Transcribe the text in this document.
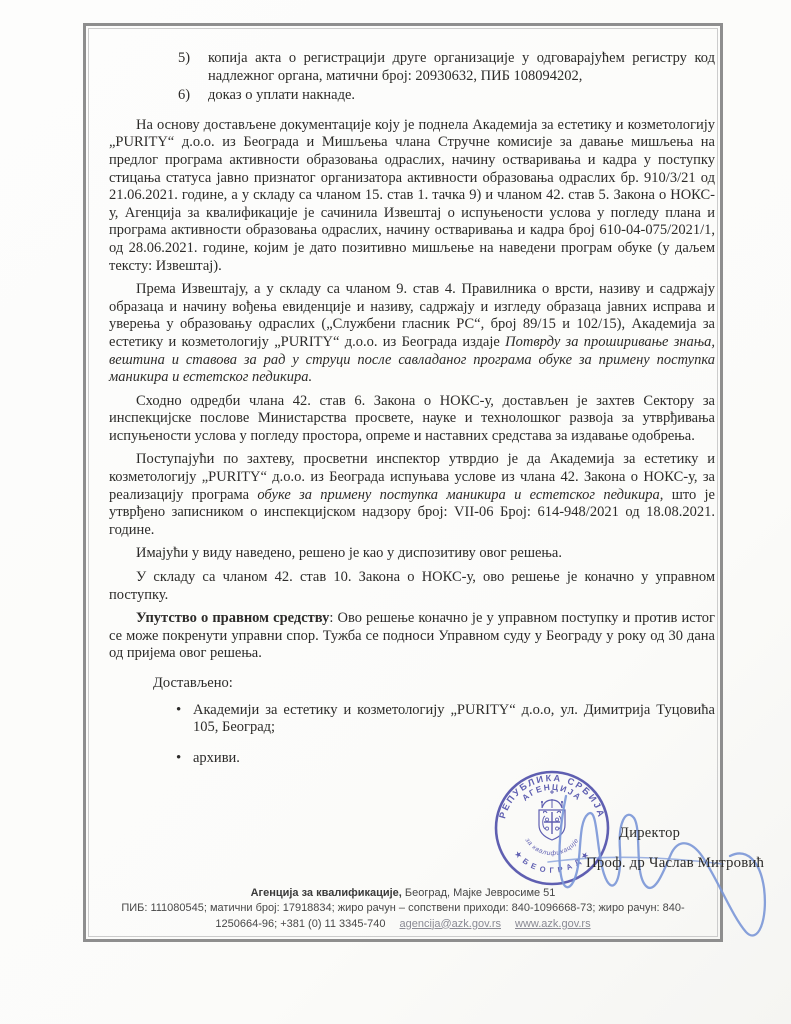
5) копија акта о регистрацији друге организације у одговарајућем регистру код надлежног органа, матични број: 20930632, ПИБ 108094202,
6) доказ о уплати накнаде.

На основу достављене документације коју је поднела Академија за естетику и козметологију „PURITY“ д.о.о. из Београда и Мишљења члана Стручне комисије за давање мишљења на предлог програма активности образовања одраслих, начину остваривања и кадра у поступку стицања статуса јавно признатог организатора активности образовања одраслих бр. 910/3/21 од 21.06.2021. године, а у складу са чланом 15. став 1. тачка 9) и чланом 42. став 5. Закона о НОКС-у, Агенција за квалификације је сачинила Извештај о испуњености услова у погледу плана и програма активности образовања одраслих, начину остваривања и кадра број 610-04-075/2021/1, од 28.06.2021. године, којим је дато позитивно мишљење на наведени програм обуке (у даљем тексту: Извештај).

Према Извештају, а у складу са чланом 9. став 4. Правилника о врсти, називу и садржају образаца и начину вођења евиденције и називу, садржају и изгледу образаца јавних исправа и уверења у образовању одраслих („Службени гласник РС“, број 89/15 и 102/15), Академија за естетику и козметологију „PURITY“ д.о.о. из Београда издаје Потврду за проширивање знања, вештина и ставова за рад у струци после савладаног програма обуке за примену поступка маникира и естетског педикира.

Сходно одредби члана 42. став 6. Закона о НОКС-у, достављен је захтев Сектору за инспекцијске послове Министарства просвете, науке и технолошког развоја за утврђивања испуњености услова у погледу простора, опреме и наставних средстава за издавање одобрења.

Поступајући по захтеву, просветни инспектор утврдио је да Академија за естетику и козметологију „PURITY“ д.о.о. из Београда испуњава услове из члана 42. Закона о НОКС-у, за реализацију програма обуке за примену поступка маникира и естетског педикира, што је утврђено записником о инспекцијском надзору број: VII-06 Број: 614-948/2021 од 18.08.2021. године.

Имајући у виду наведено, решено је као у диспозитиву овог решења.

У складу са чланом 42. став 10. Закона о НОКС-у, ово решење је коначно у управном поступку.

Упутство о правном средству: Ово решење коначно је у управном поступку и против истог се може покренути управни спор. Тужба се подноси Управном суду у Београду у року од 30 дана од пријема овог решења.

Достављено:

• Академији за естетику и козметологију „PURITY“ д.о.о, ул. Димитрија Туцовића 105, Београд;
• архиви.
РЕПУБЛИКА СРБИЈА
★ Б Е О Г Р А Д ★
АГЕНЦИЈА
за квалификације	Директор
Проф. др Часлав Митровић
Агенција за квалификације, Београд, Мајке Јевросиме 51
ПИБ: 111080545; матични број: 17918834; жиро рачун – сопствени приходи: 840-1096668-73; жиро рачун: 840-
1250664-96; +381 (0) 11 3345-740 agencija@azk.gov.rs www.azk.gov.rs
